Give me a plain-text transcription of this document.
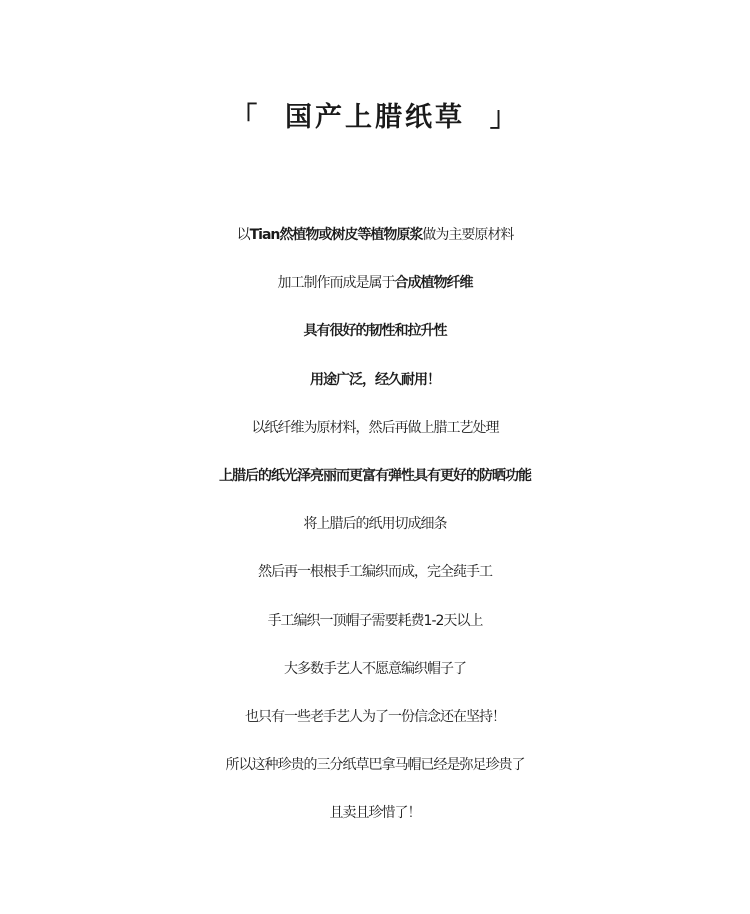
「  国产上腊纸草  」
以Tian然植物或树皮等植物原浆做为主要原材料
加工制作而成是属于合成植物纤维
具有很好的韧性和拉升性
用途广泛，经久耐用！
以纸纤维为原材料，然后再做上腊工艺处理
上腊后的纸光泽亮丽而更富有弹性具有更好的防晒功能
将上腊后的纸用切成细条
然后再一根根手工编织而成，完全莼手工
手工编织一顶帽子需要耗费1-2天以上
大多数手艺人不愿意编织帽子了
也只有一些老手艺人为了一份信念还在坚持！
所以这种珍贵的三分纸草巴拿马帽已经是弥足珍贵了
且卖且珍惜了！
